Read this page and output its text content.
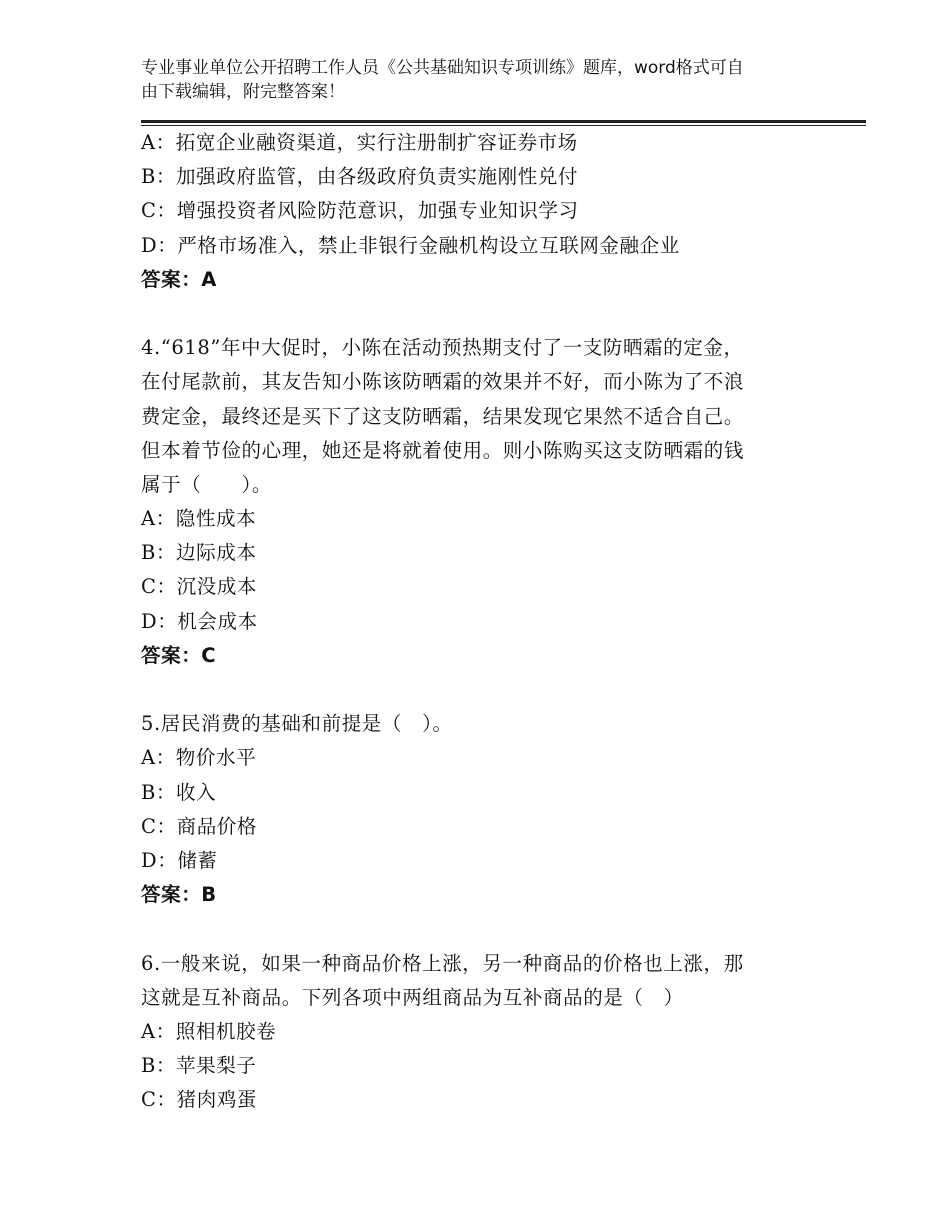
专业事业单位公开招聘工作人员《公共基础知识专项训练》题库，word格式可自
由下载编辑，附完整答案！
A：拓宽企业融资渠道，实行注册制扩容证券市场
B：加强政府监管，由各级政府负责实施刚性兑付
C：增强投资者风险防范意识，加强专业知识学习
D：严格市场准入，禁止非银行金融机构设立互联网金融企业
答案：A
4.“618”年中大促时，小陈在活动预热期支付了一支防晒霜的定金，
在付尾款前，其友告知小陈该防晒霜的效果并不好，而小陈为了不浪
费定金，最终还是买下了这支防晒霜，结果发现它果然不适合自己。
但本着节俭的心理，她还是将就着使用。则小陈购买这支防晒霜的钱
属于（　　）。
A：隐性成本
B：边际成本
C：沉没成本
D：机会成本
答案：C
5.居民消费的基础和前提是（　）。
A：物价水平
B：收入
C：商品价格
D：储蓄
答案：B
6.一般来说，如果一种商品价格上涨，另一种商品的价格也上涨，那
这就是互补商品。下列各项中两组商品为互补商品的是（　）
A：照相机胶卷
B：苹果梨子
C：猪肉鸡蛋
